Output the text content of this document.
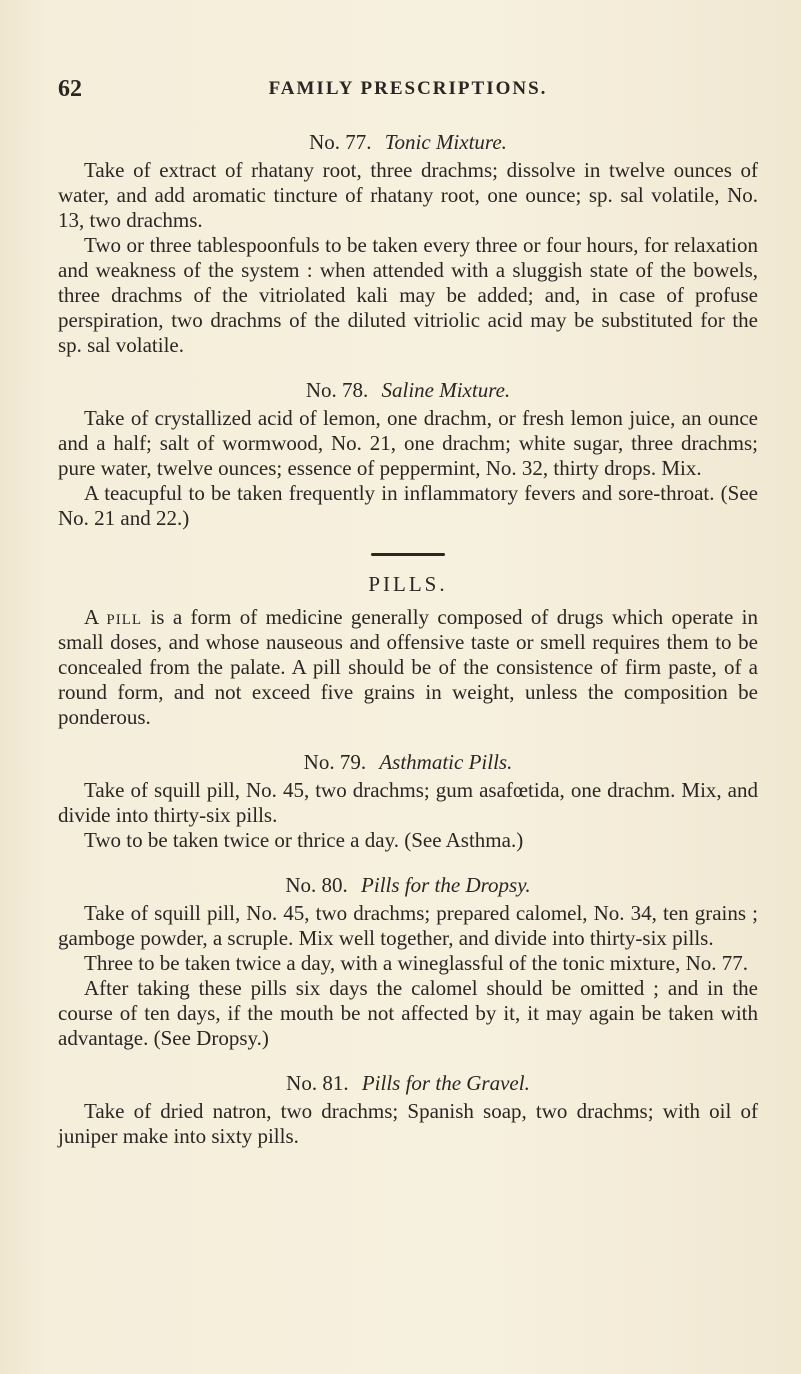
62	FAMILY PRESCRIPTIONS.
No. 77. Tonic Mixture.

Take of extract of rhatany root, three drachms; dissolve in twelve ounces of water, and add aromatic tincture of rhatany root, one ounce; sp. sal volatile, No. 13, two drachms.

Two or three tablespoonfuls to be taken every three or four hours, for relaxation and weakness of the system : when attended with a sluggish state of the bowels, three drachms of the vitriolated kali may be added; and, in case of profuse perspiration, two drachms of the diluted vitriolic acid may be substituted for the sp. sal volatile.

No. 78. Saline Mixture.

Take of crystallized acid of lemon, one drachm, or fresh lemon juice, an ounce and a half; salt of wormwood, No. 21, one drachm; white sugar, three drachms; pure water, twelve ounces; essence of peppermint, No. 32, thirty drops. Mix.

A teacupful to be taken frequently in inflammatory fevers and sore-throat. (See No. 21 and 22.)

PILLS.

A pill is a form of medicine generally composed of drugs which operate in small doses, and whose nauseous and offensive taste or smell requires them to be concealed from the palate. A pill should be of the consistence of firm paste, of a round form, and not exceed five grains in weight, unless the composition be ponderous.

No. 79. Asthmatic Pills.

Take of squill pill, No. 45, two drachms; gum asafœtida, one drachm. Mix, and divide into thirty-six pills.

Two to be taken twice or thrice a day. (See Asthma.)

No. 80. Pills for the Dropsy.

Take of squill pill, No. 45, two drachms; prepared calomel, No. 34, ten grains ; gamboge powder, a scruple. Mix well together, and divide into thirty-six pills.

Three to be taken twice a day, with a wineglassful of the tonic mixture, No. 77.

After taking these pills six days the calomel should be omitted ; and in the course of ten days, if the mouth be not affected by it, it may again be taken with advantage. (See Dropsy.)

No. 81. Pills for the Gravel.

Take of dried natron, two drachms; Spanish soap, two drachms; with oil of juniper make into sixty pills.
